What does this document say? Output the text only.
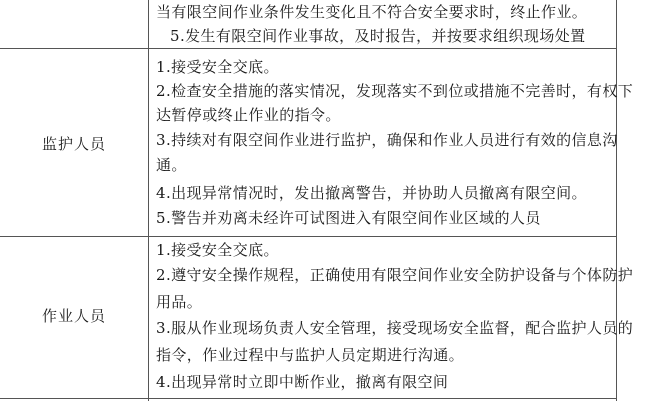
当有限空间作业条件发生变化且不符合安全要求时，终止作业。
5.发生有限空间作业事故，及时报告，并按要求组织现场处置
监护人员
1.接受安全交底。
2.检查安全措施的落实情况，发现落实不到位或措施不完善时，有权下
达暂停或终止作业的指令。
3.持续对有限空间作业进行监护，确保和作业人员进行有效的信息沟
通。
4.出现异常情况时，发出撤离警告，并协助人员撤离有限空间。
5.警告并劝离未经许可试图进入有限空间作业区域的人员
作业人员
1.接受安全交底。
2.遵守安全操作规程，正确使用有限空间作业安全防护设备与个体防护
用品。
3.服从作业现场负责人安全管理，接受现场安全监督，配合监护人员的
指令，作业过程中与监护人员定期进行沟通。
4.出现异常时立即中断作业，撤离有限空间
